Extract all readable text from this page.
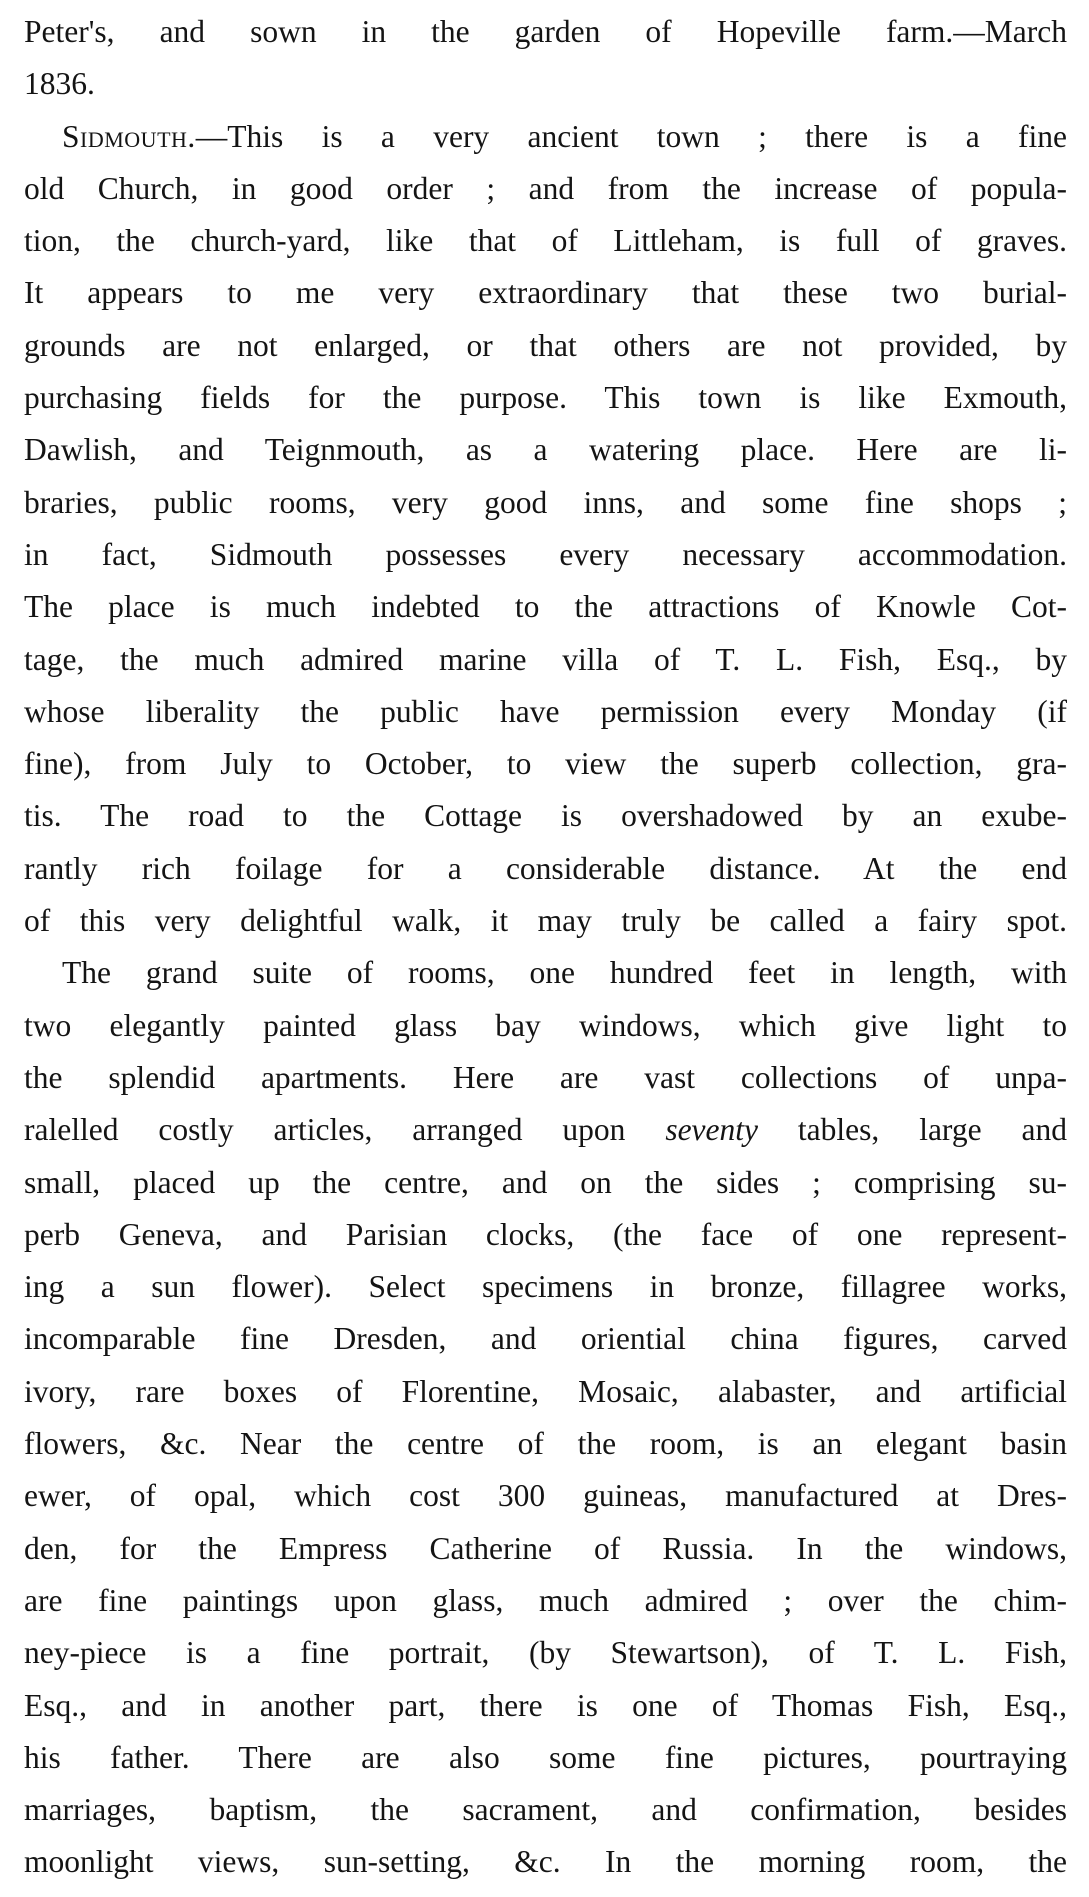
Peter's, and sown in the garden of Hopeville farm.—March
1836.
Sidmouth.—This is a very ancient town ; there is a fine
old Church, in good order ; and from the increase of popula-
tion, the church-yard, like that of Littleham, is full of graves.
It appears to me very extraordinary that these two burial-
grounds are not enlarged, or that others are not provided, by
purchasing fields for the purpose. This town is like Exmouth,
Dawlish, and Teignmouth, as a watering place. Here are li-
braries, public rooms, very good inns, and some fine shops ;
in fact, Sidmouth possesses every necessary accommodation.
The place is much indebted to the attractions of Knowle Cot-
tage, the much admired marine villa of T. L. Fish, Esq., by
whose liberality the public have permission every Monday (if
fine), from July to October, to view the superb collection, gra-
tis. The road to the Cottage is overshadowed by an exube-
rantly rich foilage for a considerable distance. At the end
of this very delightful walk, it may truly be called a fairy spot.
The grand suite of rooms, one hundred feet in length, with
two elegantly painted glass bay windows, which give light to
the splendid apartments. Here are vast collections of unpa-
ralelled costly articles, arranged upon seventy tables, large and
small, placed up the centre, and on the sides ; comprising su-
perb Geneva, and Parisian clocks, (the face of one represent-
ing a sun flower). Select specimens in bronze, fillagree works,
incomparable fine Dresden, and oriential china figures, carved
ivory, rare boxes of Florentine, Mosaic, alabaster, and artificial
flowers, &c. Near the centre of the room, is an elegant basin
ewer, of opal, which cost 300 guineas, manufactured at Dres-
den, for the Empress Catherine of Russia. In the windows,
are fine paintings upon glass, much admired ; over the chim-
ney-piece is a fine portrait, (by Stewartson), of T. L. Fish,
Esq., and in another part, there is one of Thomas Fish, Esq.,
his father. There are also some fine pictures, pourtraying
marriages, baptism, the sacrament, and confirmation, besides
moonlight views, sun-setting, &c. In the morning room, the
